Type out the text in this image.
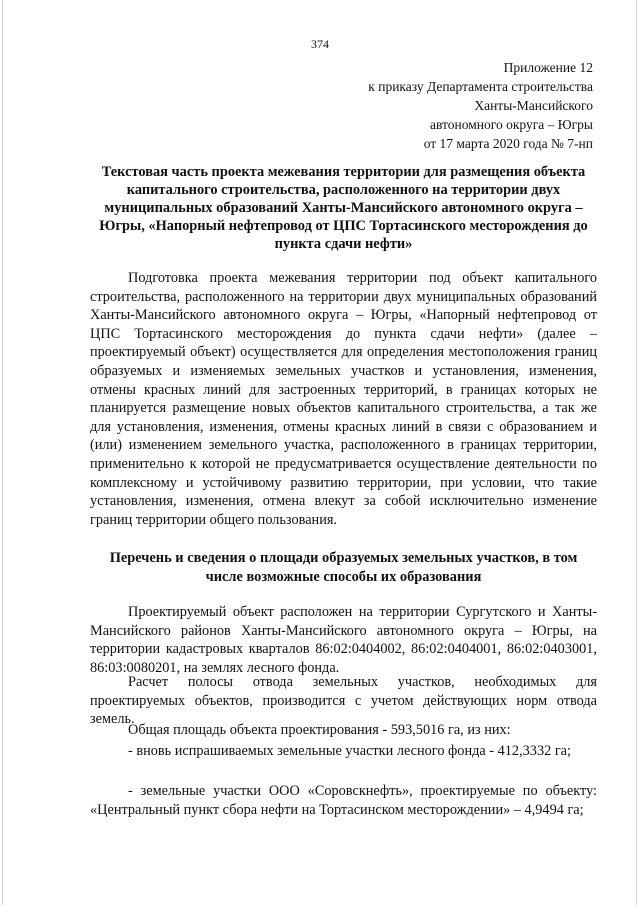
374
Приложение 12
к приказу Департамента строительства
Ханты-Мансийского
автономного округа – Югры
от 17 марта 2020 года № 7-нп
Текстовая часть проекта межевания территории для размещения объекта капитального строительства, расположенного на территории двух муниципальных образований Ханты-Мансийского автономного округа – Югры, «Напорный нефтепровод от ЦПС Тортасинского месторождения до пункта сдачи нефти»
Подготовка проекта межевания территории под объект капитального строительства, расположенного на территории двух муниципальных образований Ханты-Мансийского автономного округа – Югры, «Напорный нефтепровод от ЦПС Тортасинского месторождения до пункта сдачи нефти» (далее – проектируемый объект) осуществляется для определения местоположения границ образуемых и изменяемых земельных участков и установления, изменения, отмены красных линий для застроенных территорий, в границах которых не планируется размещение новых объектов капитального строительства, а так же для установления, изменения, отмены красных линий в связи с образованием и (или) изменением земельного участка, расположенного в границах территории, применительно к которой не предусматривается осуществление деятельности по комплексному и устойчивому развитию территории, при условии, что такие установления, изменения, отмена влекут за собой исключительно изменение границ территории общего пользования.
Перечень и сведения о площади образуемых земельных участков, в том числе возможные способы их образования
Проектируемый объект расположен на территории Сургутского и Ханты-Мансийского районов Ханты-Мансийского автономного округа – Югры, на территории кадастровых кварталов 86:02:0404002, 86:02:0404001, 86:02:0403001, 86:03:0080201, на землях лесного фонда.
Расчет полосы отвода земельных участков, необходимых для проектируемых объектов, производится с учетом действующих норм отвода земель.
Общая площадь объекта проектирования - 593,5016 га, из них:
- вновь испрашиваемых земельные участки лесного фонда - 412,3332 га;
- земельные участки ООО «Соровскнефть», проектируемые по объекту: «Центральный пункт сбора нефти на Тортасинском месторождении» – 4,9494 га;
